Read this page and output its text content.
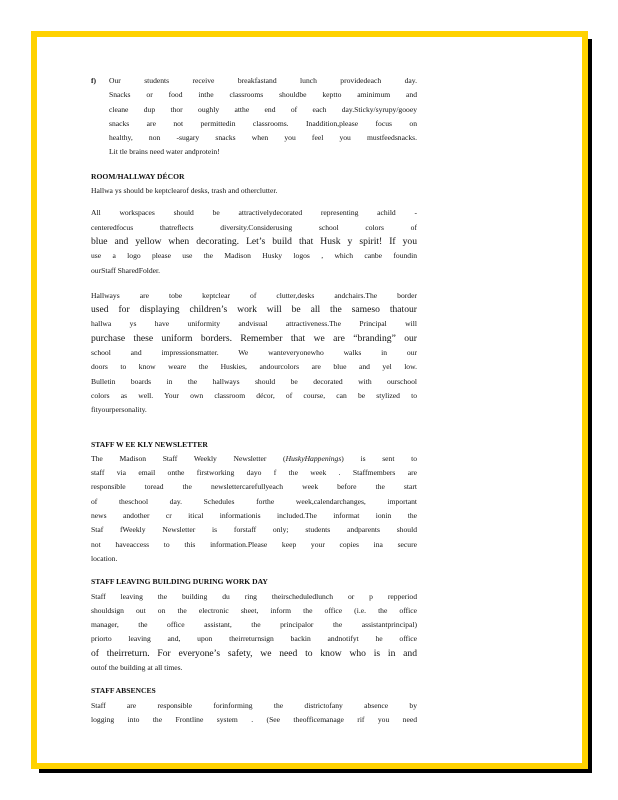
f) Our students receive breakfastand lunch providedeach day.
Snacks or food inthe classrooms shouldbe keptto aminimum and
cleane dup thor oughly atthe end of each day.Sticky/syrupy/gooey
snacks are not permittedin classrooms. Inaddition,please focus on
healthy, non -sugary snacks when you feel you mustfeedsnacks.
Lit tle brains need water andprotein!
ROOM/HALLWAY DÉCOR

Hallwa ys should be keptclearof desks, trash and otherclutter.

All workspaces should be attractivelydecorated representing achild -
centeredfocus thatreflects diversity.Considerusing school colors of
blue and yellow when decorating. Let’s build that Husk y spirit! If you
use a logo please use the Madison Husky logos , which canbe foundin
ourStaff SharedFolder.
Hallways are tobe keptclear of clutter,desks andchairs.The border
used for displaying children’s work will be all the sameso thatour
hallwa ys have uniformity andvisual attractiveness.The Principal will
purchase these uniform borders. Remember that we are “branding” our
school and impressionsmatter. We wanteveryonewho walks in our
doors to know weare the Huskies, andourcolors are blue and yel low.
Bulletin boards in the hallways should be decorated with ourschool
colors as well. Your own classroom décor, of course, can be stylized to
fityourpersonality.
STAFF W EE KLY NEWSLETTER
The Madison Staff Weekly Newsletter (HuskyHappenings) is sent to
staff via email onthe firstworking dayo f the week . Staffmembers are
responsible toread the newslettercarefullyeach week before the start
of theschool day. Schedules forthe week,calendarchanges, important
news andother cr itical informationis included.The informat ionin the
Staf fWeekly Newsletter is forstaff only; students andparents should
not haveaccess to this information.Please keep your copies ina secure
location.
STAFF LEAVING BUILDING DURING WORK DAY
Staff leaving the building du ring theirscheduledlunch or p repperiod
shouldsign out on the electronic sheet, inform the office (i.e. the office
manager, the office assistant, the principalor the assistantprincipal)
priorto leaving and, upon theirreturnsign backin andnotifyt he office
of theirreturn. For everyone’s safety, we need to know who is in and
outof the building at all times.
STAFF ABSENCES
Staff are responsible forinforming the districtofany absence by
logging into the Frontline system . (See theofficemanage rif you need
